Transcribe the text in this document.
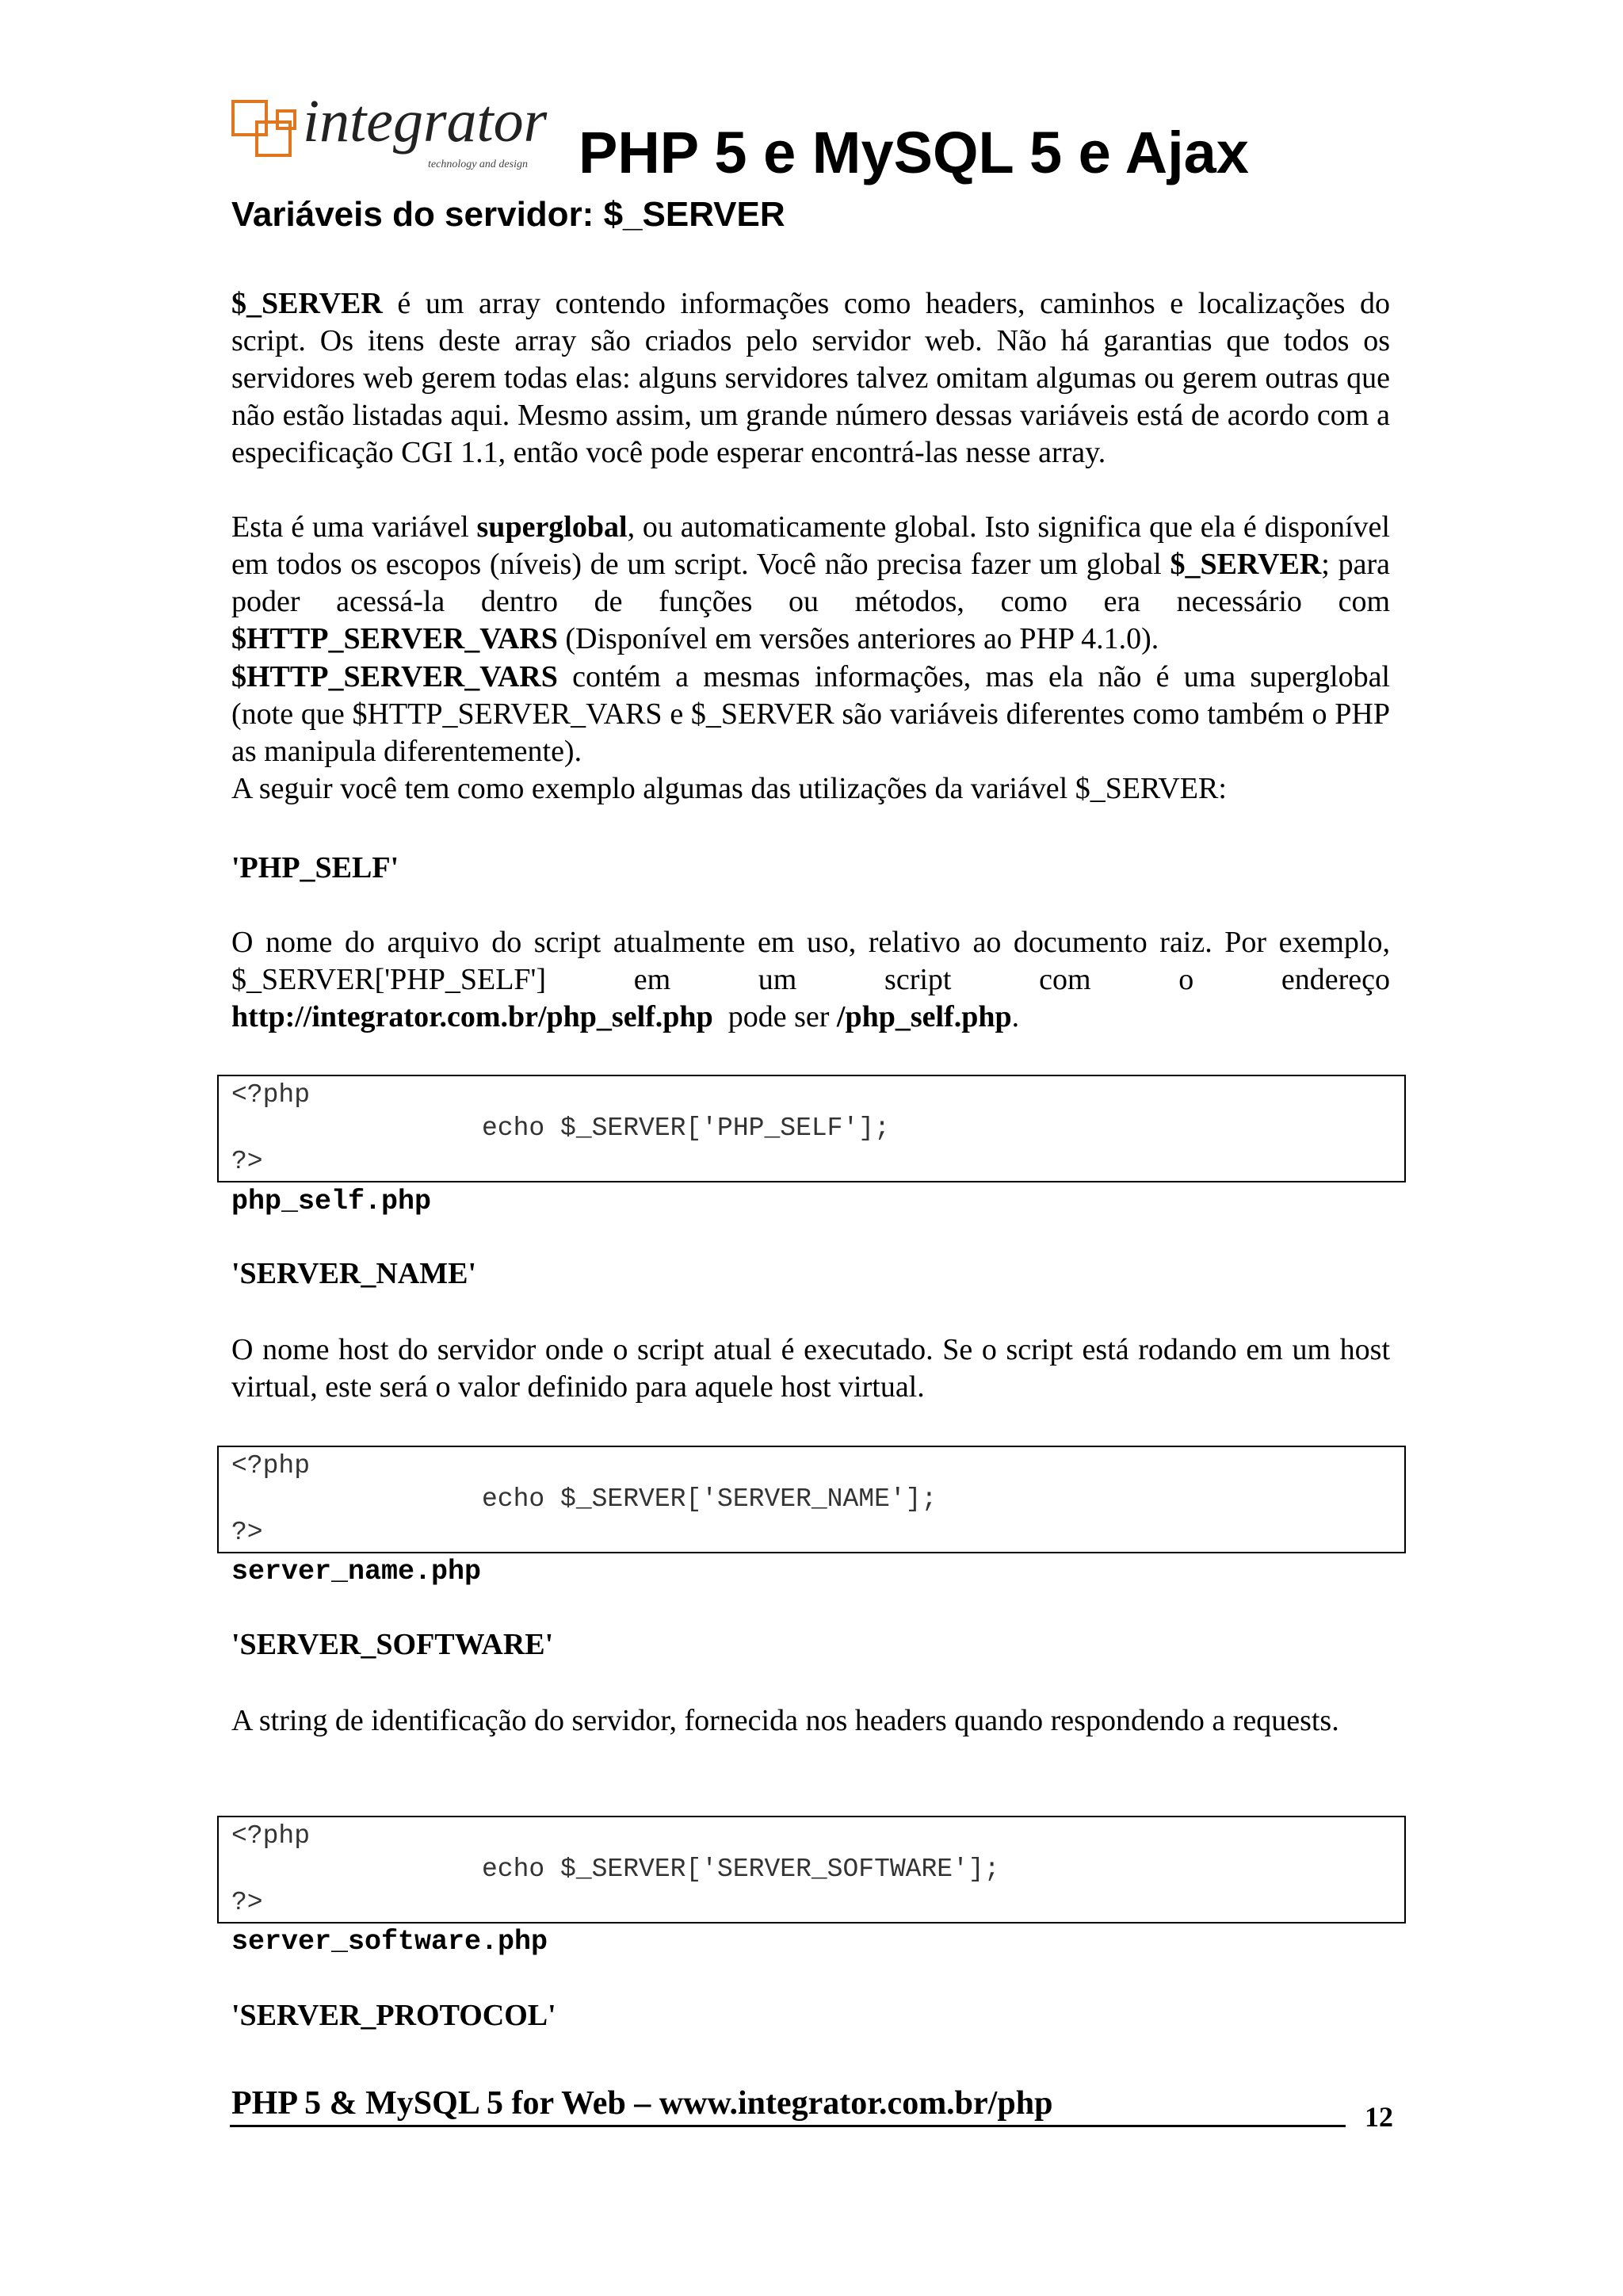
integrator
technology and design PHP 5 e MySQL 5 e Ajax
Variáveis do servidor: $_SERVER
$_SERVER é um array contendo informações como headers, caminhos e localizações do script. Os itens deste array são criados pelo servidor web. Não há garantias que todos os servidores web gerem todas elas: alguns servidores talvez omitam algumas ou gerem outras que não estão listadas aqui. Mesmo assim, um grande número dessas variáveis está de acordo com a especificação CGI 1.1, então você pode esperar encontrá-las nesse array.
Esta é uma variável superglobal, ou automaticamente global. Isto significa que ela é disponível em todos os escopos (níveis) de um script. Você não precisa fazer um global $_SERVER; para poder acessá-la dentro de funções ou métodos, como era necessário com $HTTP_SERVER_VARS (Disponível em versões anteriores ao PHP 4.1.0).
$HTTP_SERVER_VARS contém a mesmas informações, mas ela não é uma superglobal (note que $HTTP_SERVER_VARS e $_SERVER são variáveis diferentes como também o PHP as manipula diferentemente).
A seguir você tem como exemplo algumas das utilizações da variável $_SERVER:
'PHP_SELF'
O nome do arquivo do script atualmente em uso, relativo ao documento raiz. Por exemplo, $_SERVER['PHP_SELF'] em um script com o endereço http://integrator.com.br/php_self.php  pode ser /php_self.php.
<?php
echo $_SERVER['PHP_SELF'];
?>
php_self.php
'SERVER_NAME'
O nome host do servidor onde o script atual é executado. Se o script está rodando em um host virtual, este será o valor definido para aquele host virtual.
<?php
echo $_SERVER['SERVER_NAME'];
?>
server_name.php
'SERVER_SOFTWARE'
A string de identificação do servidor, fornecida nos headers quando respondendo a requests.
<?php
echo $_SERVER['SERVER_SOFTWARE'];
?>
server_software.php
'SERVER_PROTOCOL'
PHP 5 & MySQL 5 for Web – www.integrator.com.br/php	12
